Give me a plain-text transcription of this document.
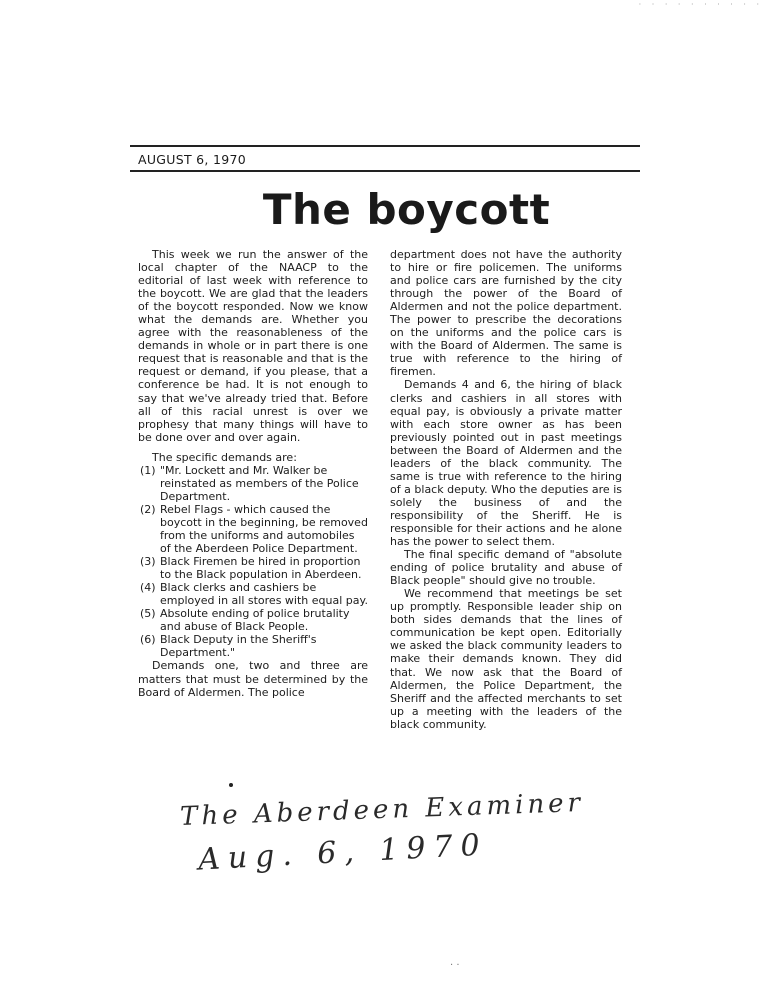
· · · · · · · · · ·
AUGUST 6, 1970
The boycott

This week we run the answer of the local chapter of the NAACP to the editorial of last week with reference to the boycott. We are glad that the leaders of the boycott responded. Now we know what the demands are. Whether you agree with the reasonableness of the demands in whole or in part there is one request that is reasonable and that is the request or demand, if you please, that a conference be had. It is not enough to say that we've already tried that. Before all of this racial unrest is over we prophesy that many things will have to be done over and over again.

The specific demands are:

(1) "Mr. Lockett and Mr. Walker be reinstated as members of the Police Department.
(2) Rebel Flags - which caused the boycott in the beginning, be removed from the uniforms and automobiles of the Aberdeen Police Department.
(3) Black Firemen be hired in proportion to the Black population in Aberdeen.
(4) Black clerks and cashiers be employed in all stores with equal pay.
(5) Absolute ending of police brutality and abuse of Black People.
(6) Black Deputy in the Sheriff's Department."

Demands one, two and three are matters that must be determined by the Board of Aldermen. The police

department does not have the authority to hire or fire policemen. The uniforms and police cars are furnished by the city through the power of the Board of Aldermen and not the police department. The power to prescribe the decorations on the uniforms and the police cars is with the Board of Aldermen. The same is true with reference to the hiring of firemen.

Demands 4 and 6, the hiring of black clerks and cashiers in all stores with equal pay, is obviously a private matter with each store owner as has been previously pointed out in past meetings between the Board of Aldermen and the leaders of the black community. The same is true with reference to the hiring of a black deputy. Who the deputies are is solely the business of and the responsibility of the Sheriff. He is responsible for their actions and he alone has the power to select them.

The final specific demand of "absolute ending of police brutality and abuse of Black people" should give no trouble.

We recommend that meetings be set up promptly. Responsible leader ship on both sides demands that the lines of communication be kept open. Editorially we asked the black community leaders to make their demands known. They did that. We now ask that the Board of Aldermen, the Police Department, the Sheriff and the affected merchants to set up a meeting with the leaders of the black community.

The Aberdeen Examiner
Aug. 6, 1970
· ·
